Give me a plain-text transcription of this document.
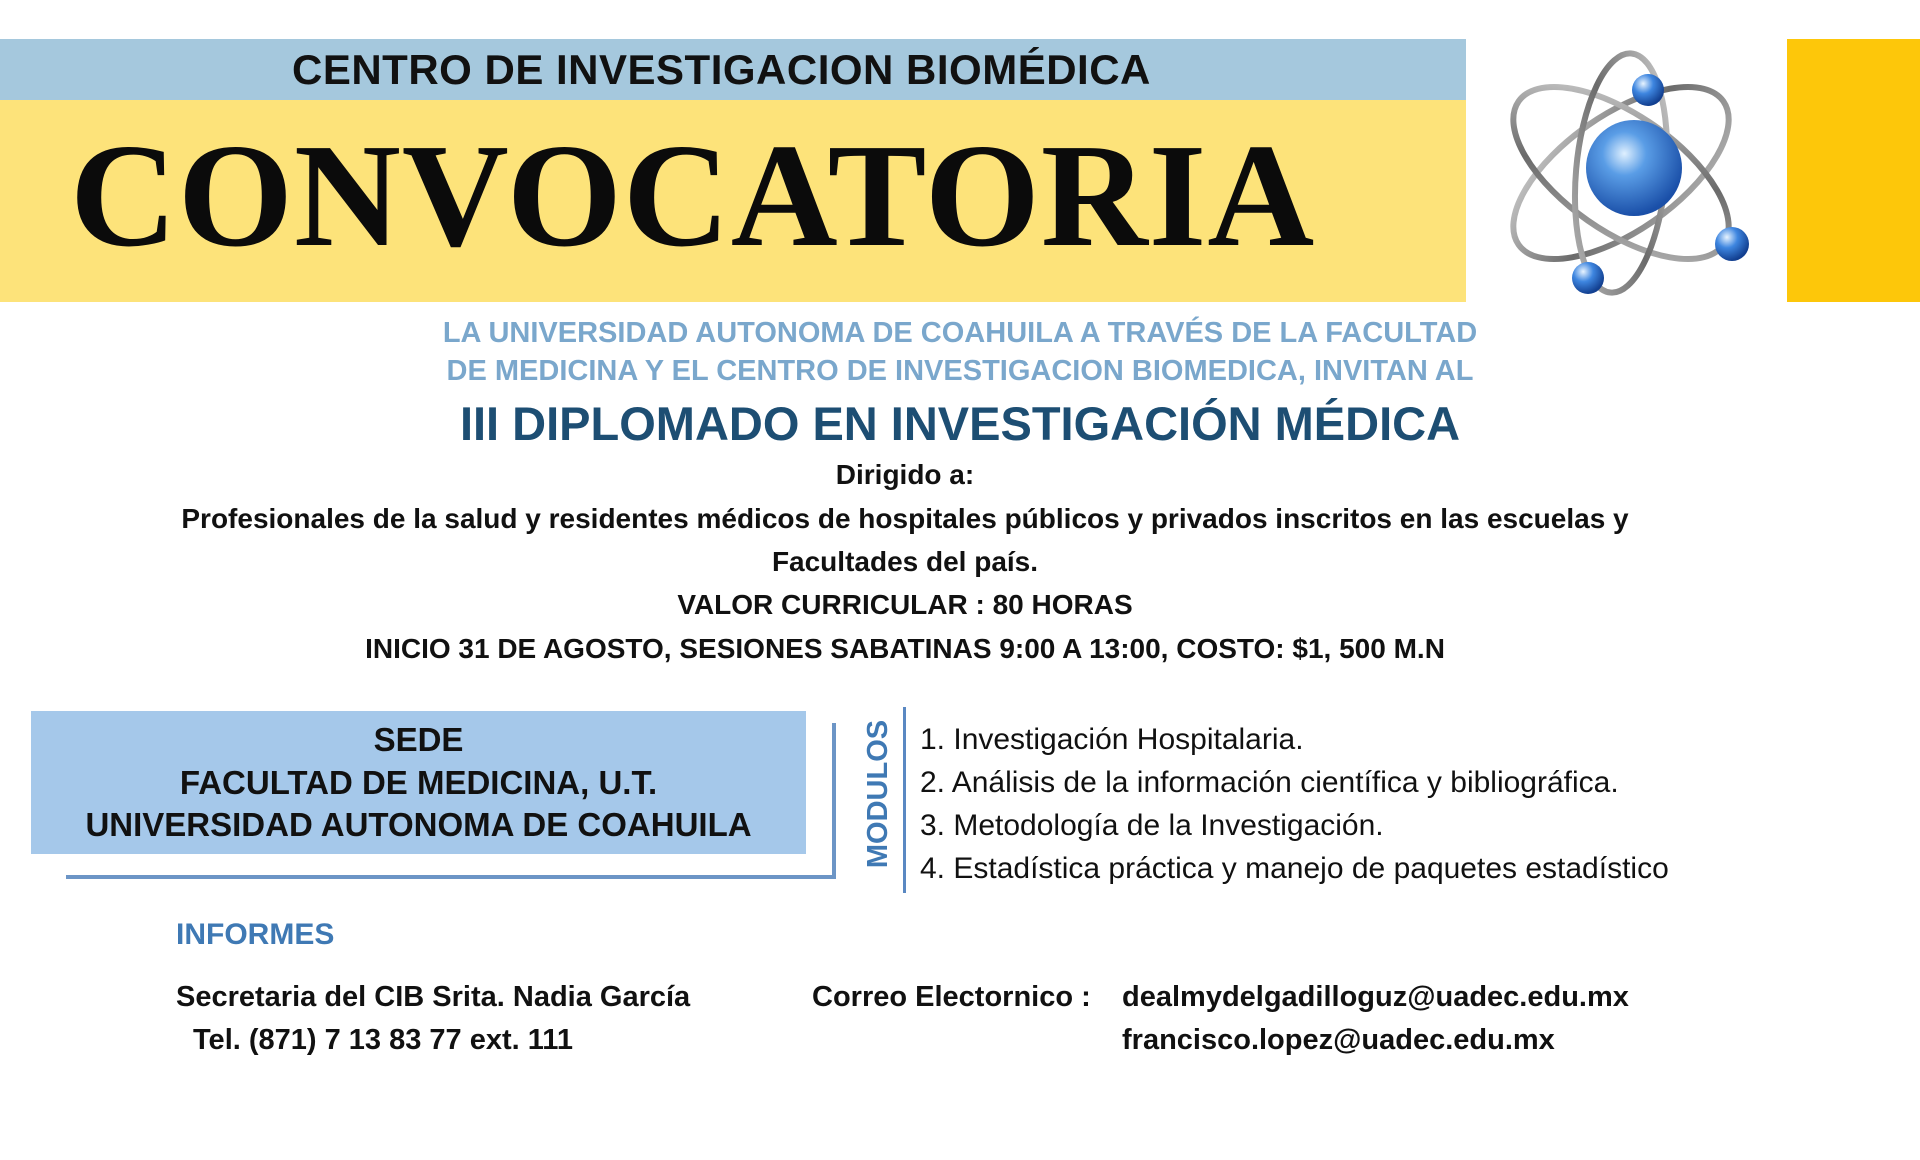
CENTRO DE INVESTIGACION BIOMÉDICA
CONVOCATORIA
LA UNIVERSIDAD AUTONOMA DE COAHUILA A TRAVÉS DE LA FACULTAD
DE MEDICINA Y EL CENTRO DE INVESTIGACION BIOMEDICA, INVITAN AL
III DIPLOMADO EN INVESTIGACIÓN MÉDICA
Dirigido a:
Profesionales de la salud y residentes médicos de hospitales públicos y privados inscritos en las escuelas y
Facultades del país.
VALOR CURRICULAR : 80 HORAS
INICIO 31 DE AGOSTO, SESIONES SABATINAS 9:00 A 13:00, COSTO: $1, 500 M.N
SEDE
FACULTAD DE MEDICINA, U.T.
UNIVERSIDAD AUTONOMA DE COAHUILA	MODULOS 1. Investigación Hospitalaria.
2. Análisis de la información científica y bibliográfica.
3. Metodología de la Investigación.
4. Estadística práctica y manejo de paquetes estadístico
INFORMES
Secretaria del CIB Srita. Nadia García
Tel. (871) 7 13 83 77 ext. 111
Correo Electornico : dealmydelgadilloguz@uadec.edu.mx
francisco.lopez@uadec.edu.mx
